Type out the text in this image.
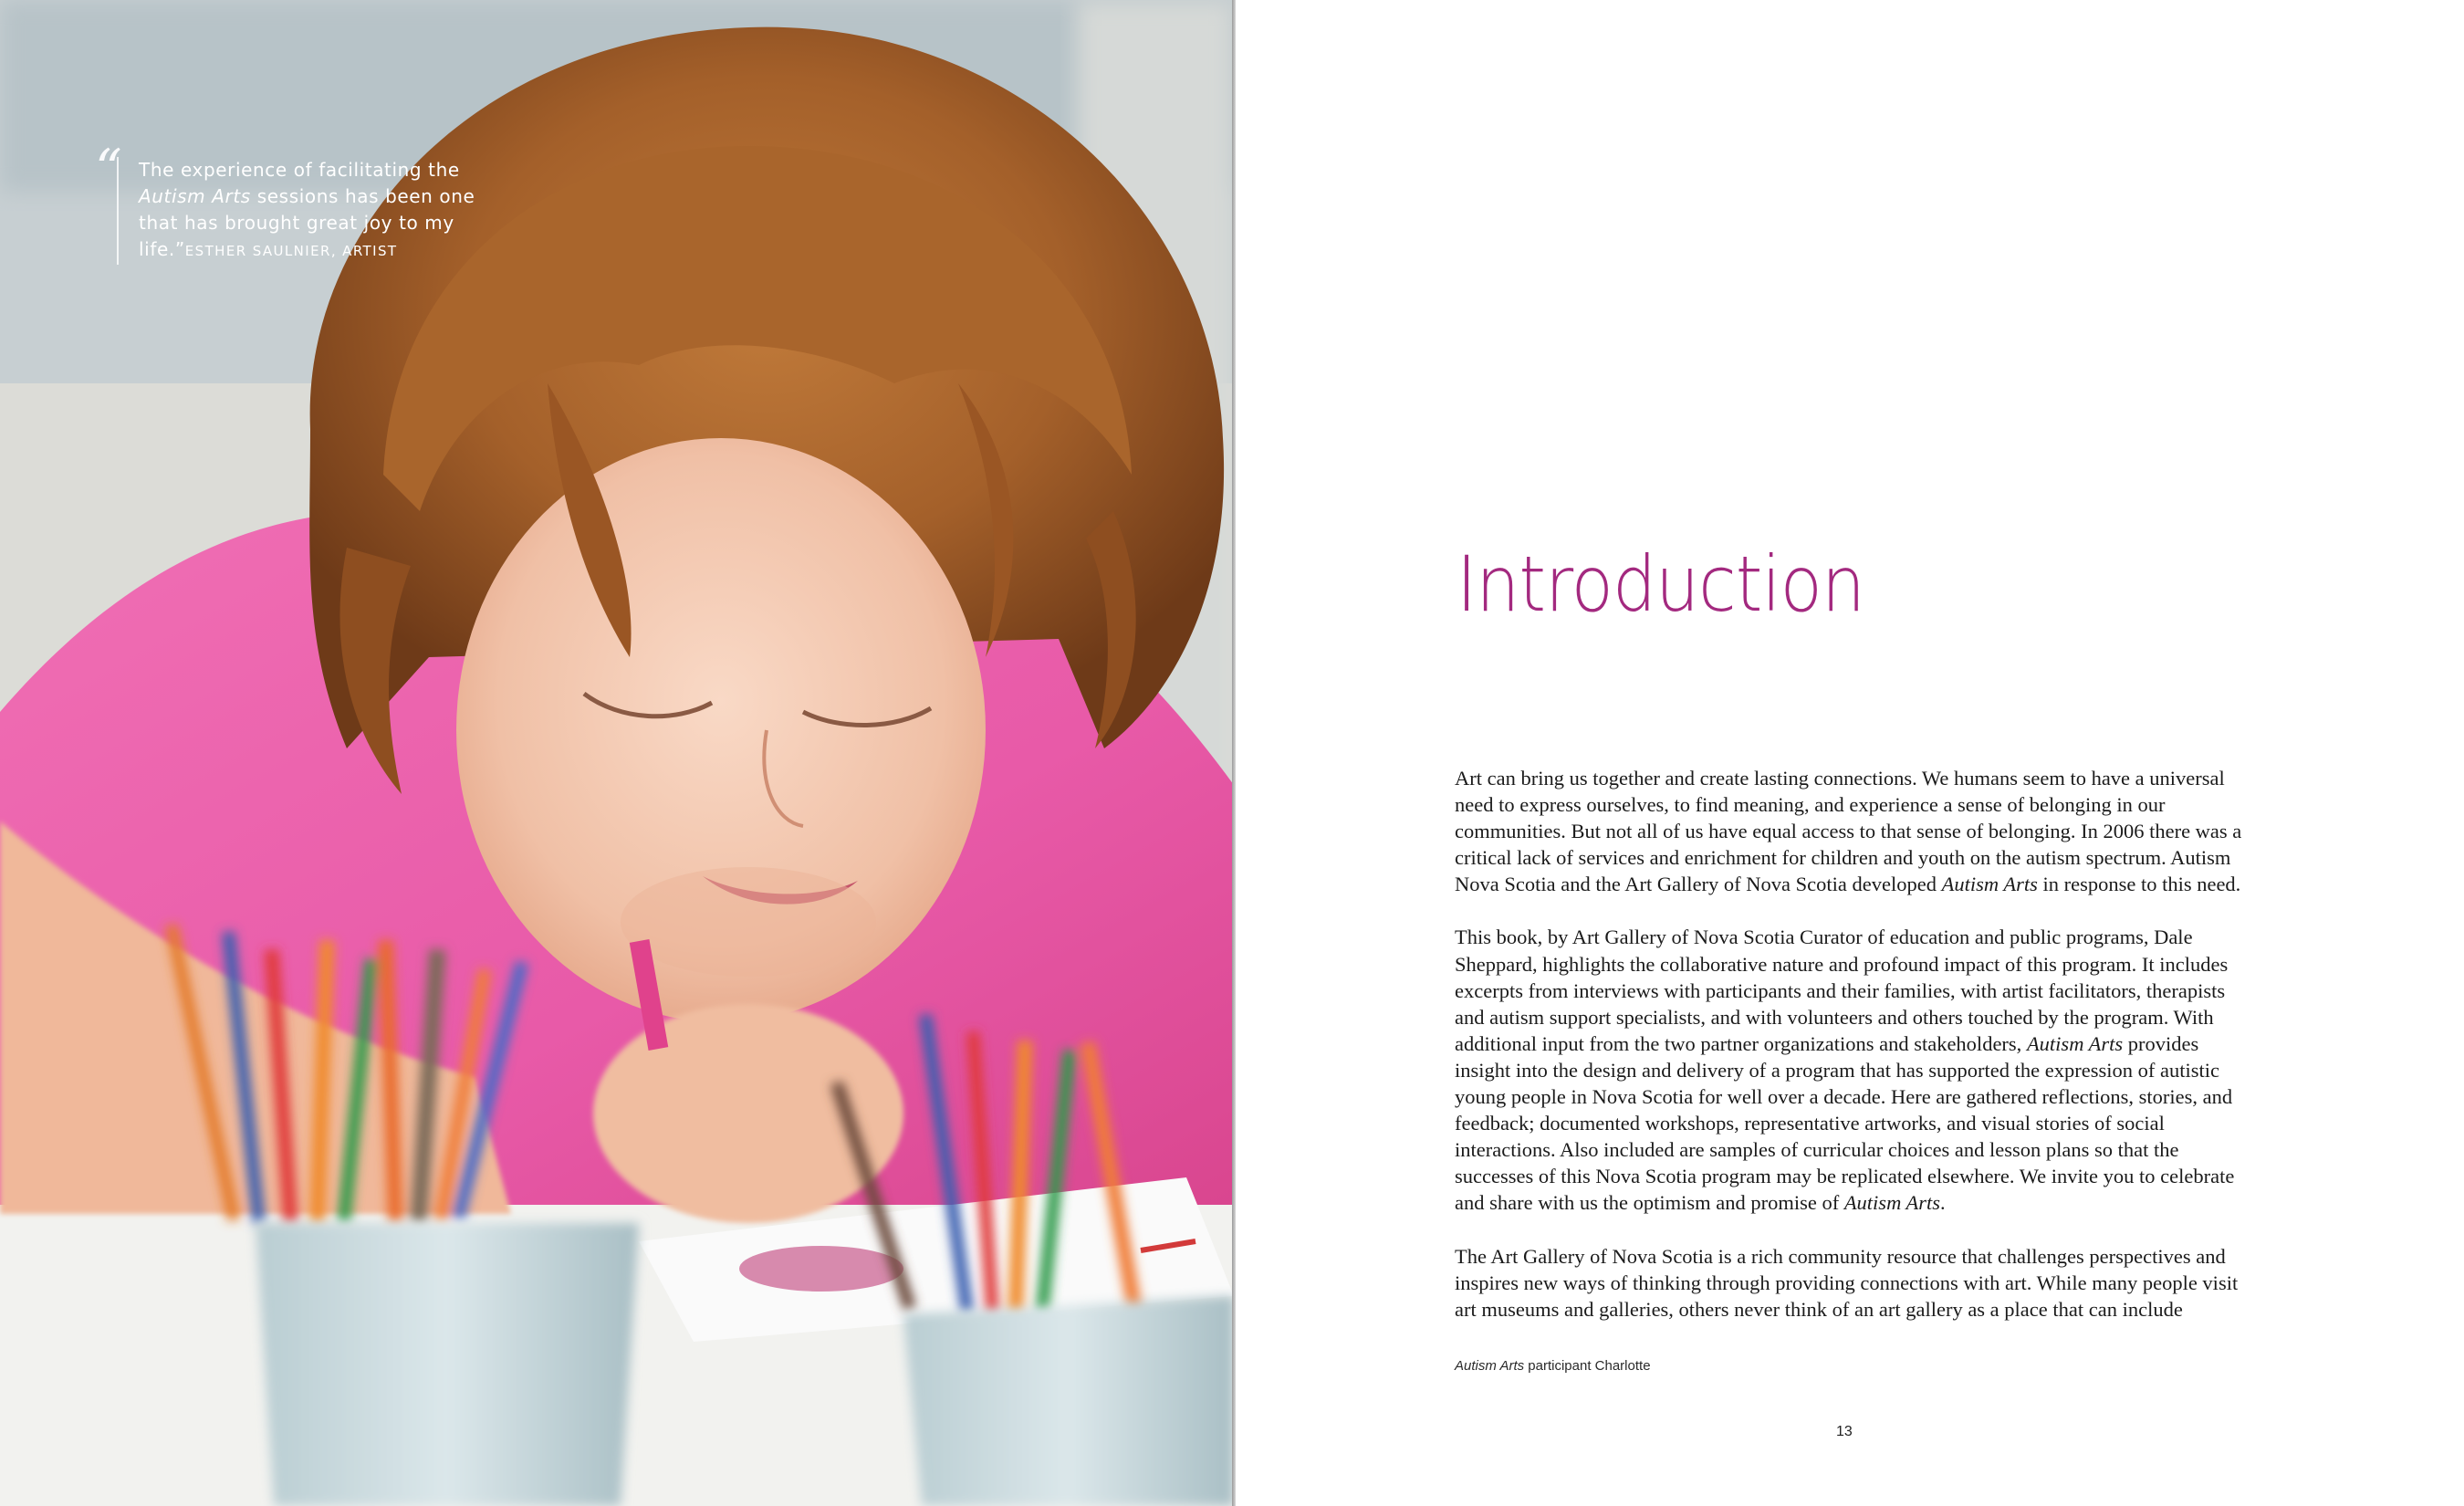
“ The experience of facilitating the
Autism Arts sessions has been one
that has brought great joy to my
life.”ESTHER SAULNIER, ARTIST
Introduction

Art can bring us together and create lasting connections. We humans seem to have a universal need to express ourselves, to find meaning, and experience a sense of belonging in our communities. But not all of us have equal access to that sense of belonging. In 2006 there was a critical lack of services and enrichment for children and youth on the autism spectrum. Autism Nova Scotia and the Art Gallery of Nova Scotia developed Autism Arts in response to this need.

This book, by Art Gallery of Nova Scotia Curator of education and public programs, Dale Sheppard, highlights the collaborative nature and profound impact of this program. It includes excerpts from interviews with participants and their families, with artist facilitators, therapists and autism support specialists, and with volunteers and others touched by the program. With additional input from the two partner organizations and stakeholders, Autism Arts provides insight into the design and delivery of a program that has supported the expression of autistic young people in Nova Scotia for well over a decade. Here are gathered reflections, stories, and feedback; documented workshops, representative artworks, and visual stories of social interactions. Also included are samples of curricular choices and lesson plans so that the successes of this Nova Scotia program may be replicated elsewhere. We invite you to celebrate and share with us the optimism and promise of Autism Arts.

The Art Gallery of Nova Scotia is a rich community resource that challenges perspectives and inspires new ways of thinking through providing connections with art. While many people visit art museums and galleries, others never think of an art gallery as a place that can include

Autism Arts participant Charlotte
13
